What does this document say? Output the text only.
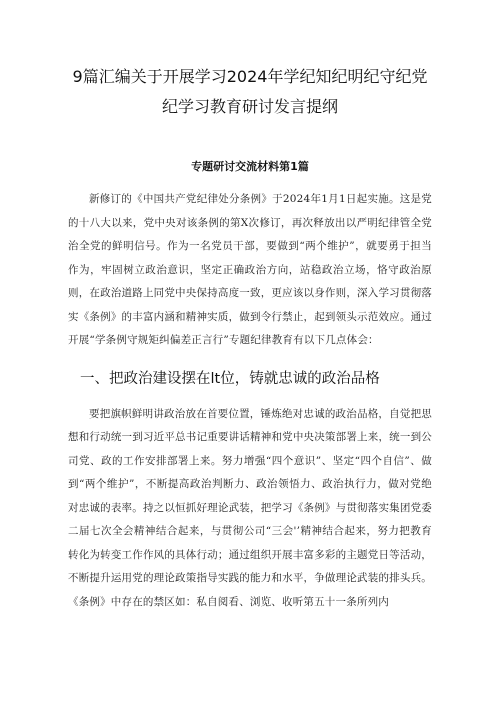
9篇汇编关于开展学习2024年学纪知纪明纪守纪党
纪学习教育研讨发言提纲
专题研讨交流材料第1篇

新修订的《中国共产党纪律处分条例》于2024年1月1日起实施。这是党的十八大以来，党中央对该条例的第X次修订，再次释放出以严明纪律管全党治全党的鲜明信号。作为一名党员干部，要做到“两个维护”，就要勇于担当作为，牢固树立政治意识，坚定正确政治方向，站稳政治立场，恪守政治原则，在政治道路上同党中央保持高度一致，更应该以身作则，深入学习贯彻落实《条例》的丰富内涵和精神实质，做到令行禁止，起到领头示范效应。通过开展“学条例守规矩纠偏差正言行”专题纪律教育有以下几点体会：

一、把政治建设摆在lt位，铸就忠诚的政治品格

要把旗帜鲜明讲政治放在首要位置，锤炼绝对忠诚的政治品格，自觉把思想和行动统一到习近平总书记重要讲话精神和党中央决策部署上来，统一到公司党、政的工作安排部署上来。努力增强“四个意识”、坚定“四个自信”、做到“两个维护”，不断提高政治判断力、政治领悟力、政治执行力，做对党绝对忠诚的表率。持之以恒抓好理论武装，把学习《条例》与贯彻落实集团党委二届七次全会精神结合起来，与贯彻公司“三会'’精神结合起来，努力把教育转化为转变工作作风的具体行动；通过组织开展丰富多彩的主题党日等活动，不断提升运用党的理论政策指导实践的能力和水平，争做理论武装的排头兵。《条例》中存在的禁区如：私自阅看、浏览、收听第五十一条所列内
